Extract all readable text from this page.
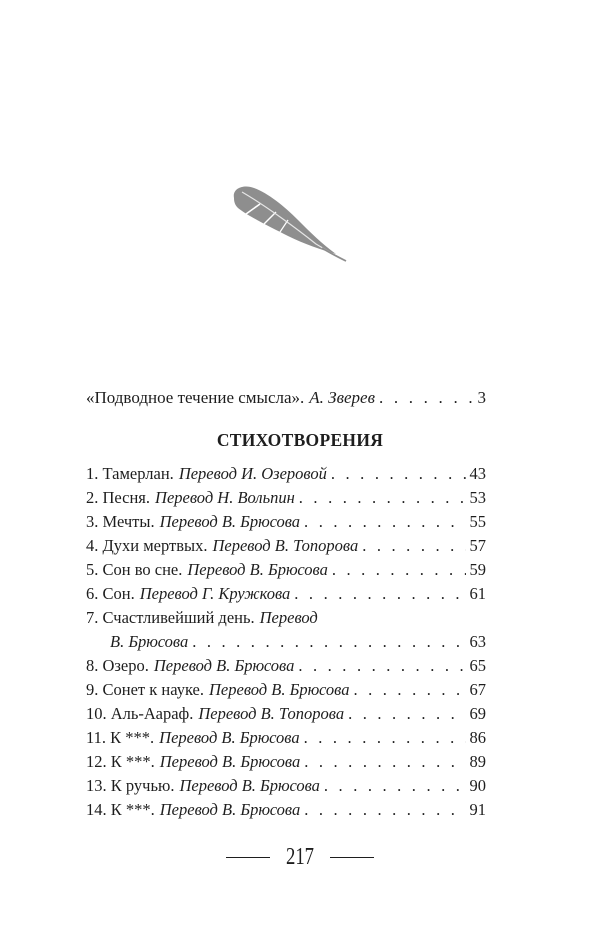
«Подводное течение смысла». А. Зверев . . .	3
СТИХОТВОРЕНИЯ
1. Тамерлан. Перевод И. Озеровой . . .	43
2. Песня. Перевод Н. Вольпин . . .	53
3. Мечты. Перевод В. Брюсова . . .	55
4. Духи мертвых. Перевод В. Топорова . . .	57
5. Сон во сне. Перевод В. Брюсова . . .	59
6. Сон. Перевод Г. Кружкова . . .	61
7. Счастливейший день. Перевод
В. Брюсова . . .	63
8. Озеро. Перевод В. Брюсова . . .	65
9. Сонет к науке. Перевод В. Брюсова . . .	67
10. Аль-Аараф. Перевод В. Топорова . . .	69
11. К ***. Перевод В. Брюсова . . .	86
12. К ***. Перевод В. Брюсова . . .	89
13. К ручью. Перевод В. Брюсова . . .	90
14. К ***. Перевод В. Брюсова . . .	91
217
